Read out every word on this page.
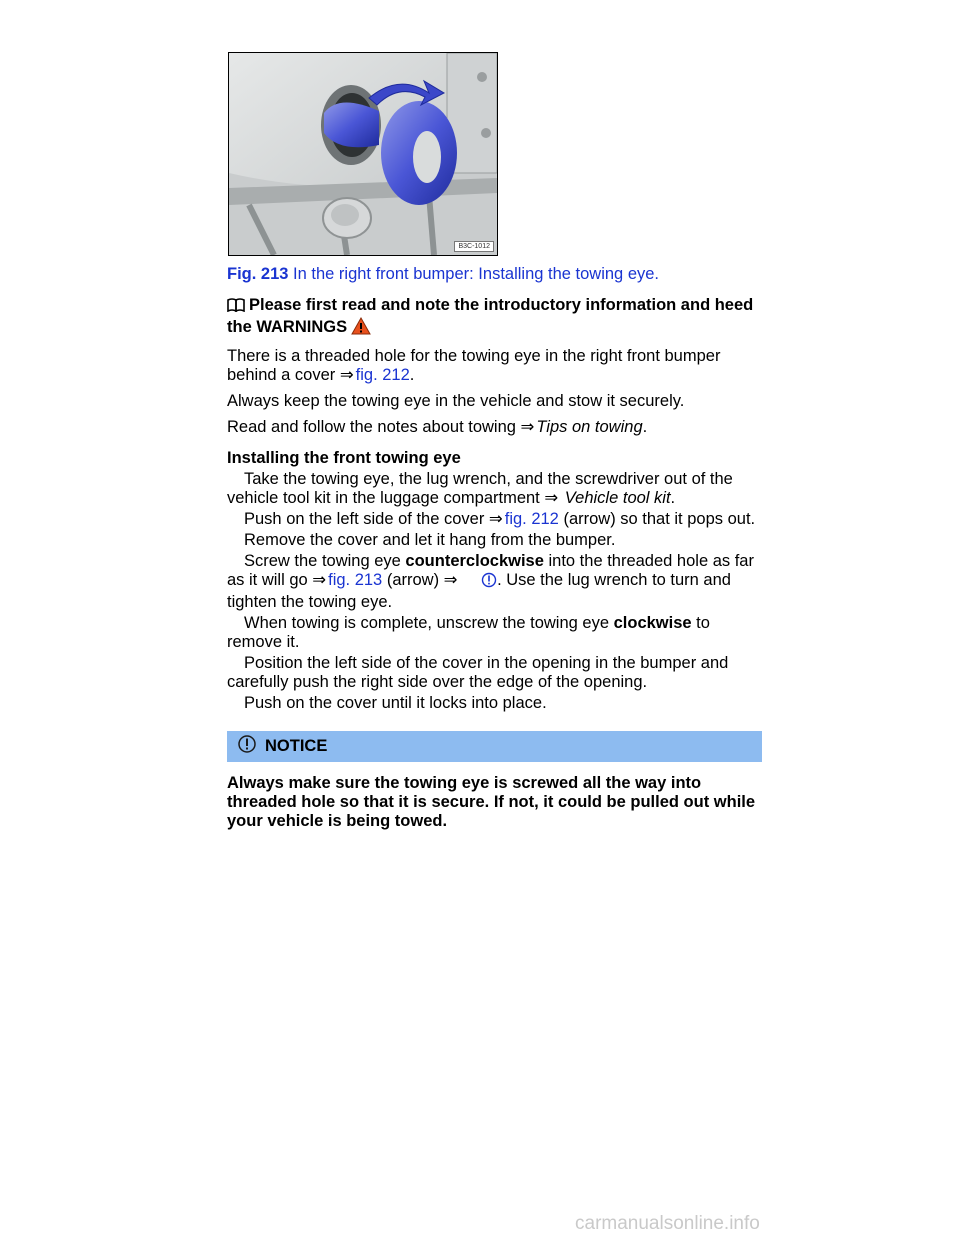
B3C-1012
Fig. 213 In the right front bumper: Installing the towing eye.
Please first read and note the introductory information and heed the WARNINGS

There is a threaded hole for the towing eye in the right front bumper behind a cover ⇒ fig. 212.

Always keep the towing eye in the vehicle and stow it securely.

Read and follow the notes about towing ⇒ Tips on towing.

Installing the front towing eye

Take the towing eye, the lug wrench, and the screwdriver out of the vehicle tool kit in the luggage compartment ⇒ Vehicle tool kit.

Push on the left side of the cover ⇒ fig. 212 (arrow) so that it pops out.

Remove the cover and let it hang from the bumper.

Screw the towing eye counterclockwise into the threaded hole as far as it will go ⇒ fig. 213 (arrow) ⇒ . Use the lug wrench to turn and tighten the towing eye.

When towing is complete, unscrew the towing eye clockwise to remove it.

Position the left side of the cover in the opening in the bumper and carefully push the right side over the edge of the opening.

Push on the cover until it locks into place.

NOTICE

Always make sure the towing eye is screwed all the way into threaded hole so that it is secure. If not, it could be pulled out while your vehicle is being towed.

carmanualsonline.info
